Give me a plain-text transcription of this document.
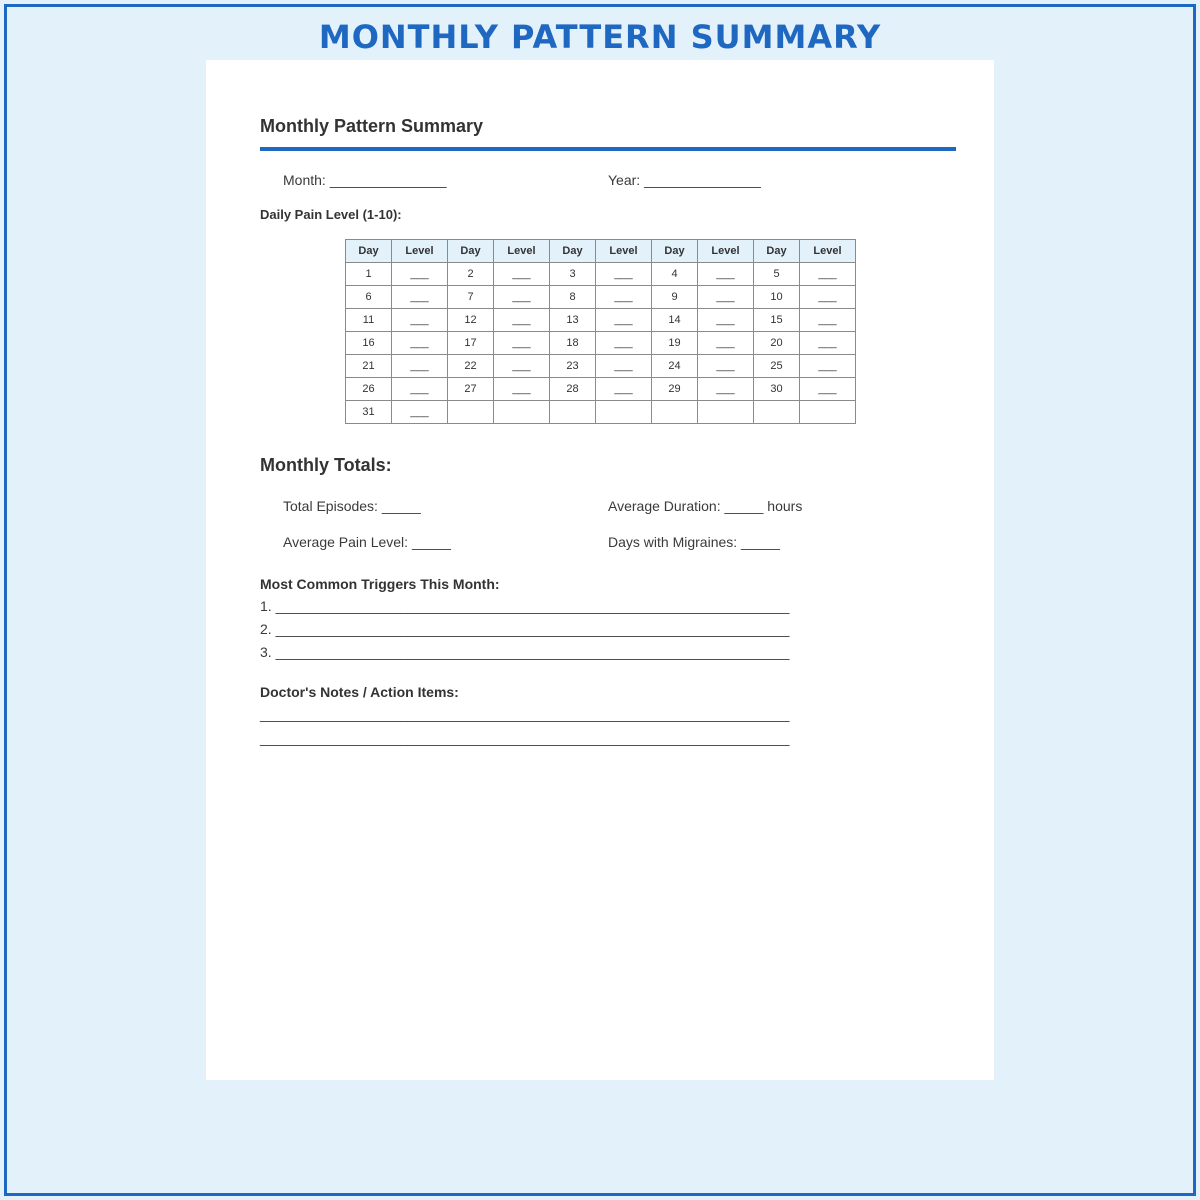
MONTHLY PATTERN SUMMARY
Monthly Pattern Summary
Month: _______________	Year: _______________
Daily Pain Level (1-10):
Day	Level	Day	Level	Day	Level	Day	Level	Day	Level
1	___	2	___	3	___	4	___	5	___
6	___	7	___	8	___	9	___	10	___
11	___	12	___	13	___	14	___	15	___
16	___	17	___	18	___	19	___	20	___
21	___	22	___	23	___	24	___	25	___
26	___	27	___	28	___	29	___	30	___
31	___								
Monthly Totals:
Total Episodes: _____	Average Duration: _____ hours
Average Pain Level: _____	Days with Migraines: _____
Most Common Triggers This Month:
1. __________________________________________________________________
2. __________________________________________________________________
3. __________________________________________________________________
Doctor's Notes / Action Items:
____________________________________________________________________
____________________________________________________________________
